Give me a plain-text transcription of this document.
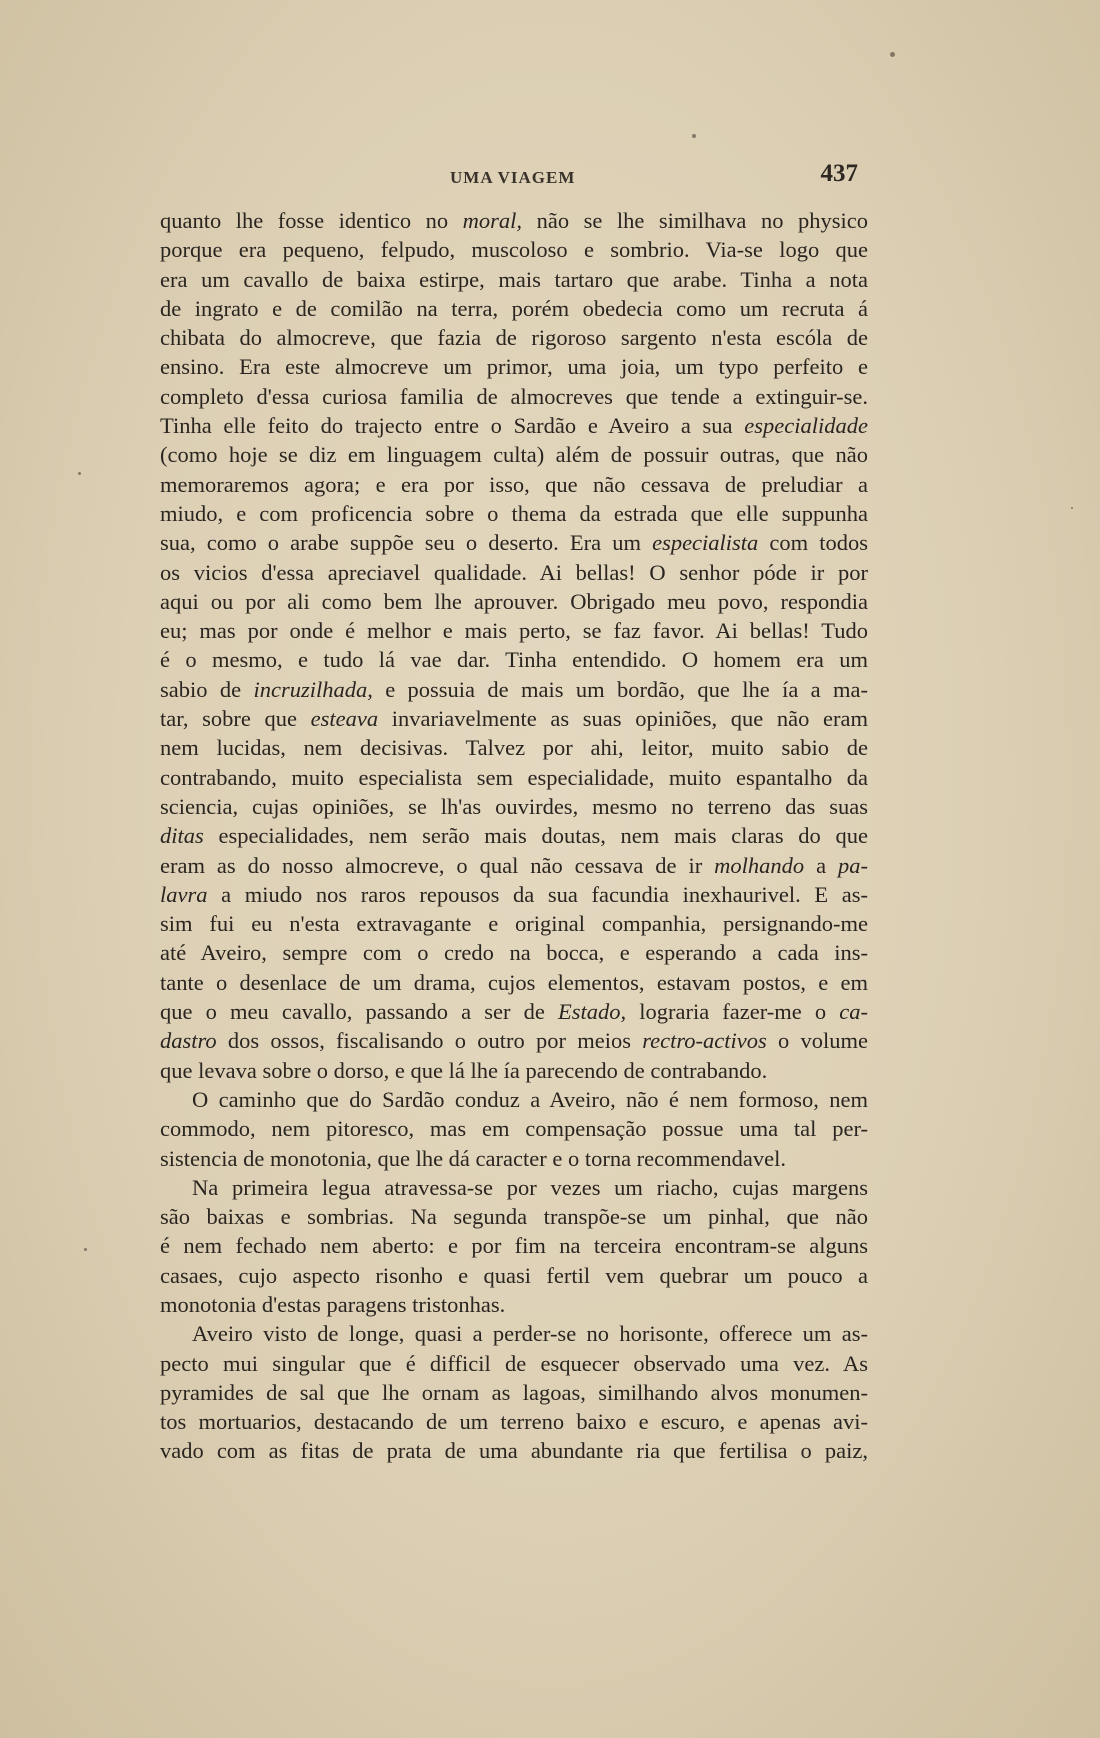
UMA VIAGEM	437
quanto lhe fosse identico no moral, não se lhe similhava no physico
porque era pequeno, felpudo, muscoloso e sombrio. Via-se logo que
era um cavallo de baixa estirpe, mais tartaro que arabe. Tinha a nota
de ingrato e de comilão na terra, porém obedecia como um recruta á
chibata do almocreve, que fazia de rigoroso sargento n'esta escóla de
ensino. Era este almocreve um primor, uma joia, um typo perfeito e
completo d'essa curiosa familia de almocreves que tende a extinguir-se.
Tinha elle feito do trajecto entre o Sardão e Aveiro a sua especialidade
(como hoje se diz em linguagem culta) além de possuir outras, que não
memoraremos agora; e era por isso, que não cessava de preludiar a
miudo, e com proficencia sobre o thema da estrada que elle suppunha
sua, como o arabe suppõe seu o deserto. Era um especialista com todos
os vicios d'essa apreciavel qualidade. Ai bellas! O senhor póde ir por
aqui ou por ali como bem lhe aprouver. Obrigado meu povo, respondia
eu; mas por onde é melhor e mais perto, se faz favor. Ai bellas! Tudo
é o mesmo, e tudo lá vae dar. Tinha entendido. O homem era um
sabio de incruzilhada, e possuia de mais um bordão, que lhe ía a ma-
tar, sobre que esteava invariavelmente as suas opiniões, que não eram
nem lucidas, nem decisivas. Talvez por ahi, leitor, muito sabio de
contrabando, muito especialista sem especialidade, muito espantalho da
sciencia, cujas opiniões, se lh'as ouvirdes, mesmo no terreno das suas
ditas especialidades, nem serão mais doutas, nem mais claras do que
eram as do nosso almocreve, o qual não cessava de ir molhando a pa-
lavra a miudo nos raros repousos da sua facundia inexhaurivel. E as-
sim fui eu n'esta extravagante e original companhia, persignando-me
até Aveiro, sempre com o credo na bocca, e esperando a cada ins-
tante o desenlace de um drama, cujos elementos, estavam postos, e em
que o meu cavallo, passando a ser de Estado, lograria fazer-me o ca-
dastro dos ossos, fiscalisando o outro por meios rectro-activos o volume
que levava sobre o dorso, e que lá lhe ía parecendo de contrabando.
O caminho que do Sardão conduz a Aveiro, não é nem formoso, nem
commodo, nem pitoresco, mas em compensação possue uma tal per-
sistencia de monotonia, que lhe dá caracter e o torna recommendavel.
Na primeira legua atravessa-se por vezes um riacho, cujas margens
são baixas e sombrias. Na segunda transpõe-se um pinhal, que não
é nem fechado nem aberto: e por fim na terceira encontram-se alguns
casaes, cujo aspecto risonho e quasi fertil vem quebrar um pouco a
monotonia d'estas paragens tristonhas.
Aveiro visto de longe, quasi a perder-se no horisonte, offerece um as-
pecto mui singular que é difficil de esquecer observado uma vez. As
pyramides de sal que lhe ornam as lagoas, similhando alvos monumen-
tos mortuarios, destacando de um terreno baixo e escuro, e apenas avi-
vado com as fitas de prata de uma abundante ria que fertilisa o paiz,
